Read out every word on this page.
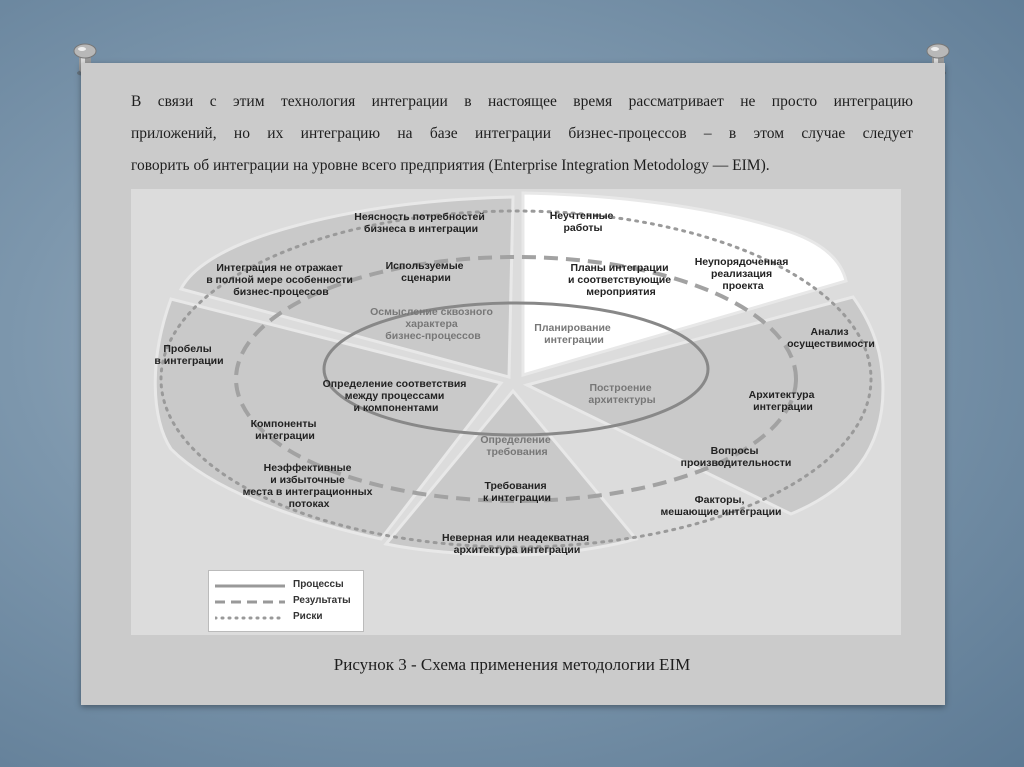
В связи с этим технология интеграции в настоящее время рассматривает не просто интеграцию
приложений, но их интеграцию на базе интеграции бизнес-процессов – в этом случае следует
говорить об интеграции на уровне всего предприятия (Enterprise Integration Metodology — EIM).
Неясность потребностей бизнеса в интеграции
Интеграция не отражает в полной мере особенности бизнес-процессов
Используемые сценарии
Осмысление сквозного характера бизнес-процессов
Неучтенные работы
Планы интеграции и соответствующие мероприятия
Неупорядоченная реализация проекта
Планирование интеграции
Анализ осуществимости
Построение архитектуры	Архитектура интеграции
Вопросы производительности
Факторы, мешающие интеграции
Определение требования
Требования к интеграции
Неверная или неадекватная архитектура интеграции
Пробелы в интеграции
Определение соответствия между процессами и компонентами
Компоненты интеграции
Неэффективные и избыточные места в интеграционных потоках
Процессы
Результаты
Риски
Рисунок 3 - Схема применения методологии EIM
